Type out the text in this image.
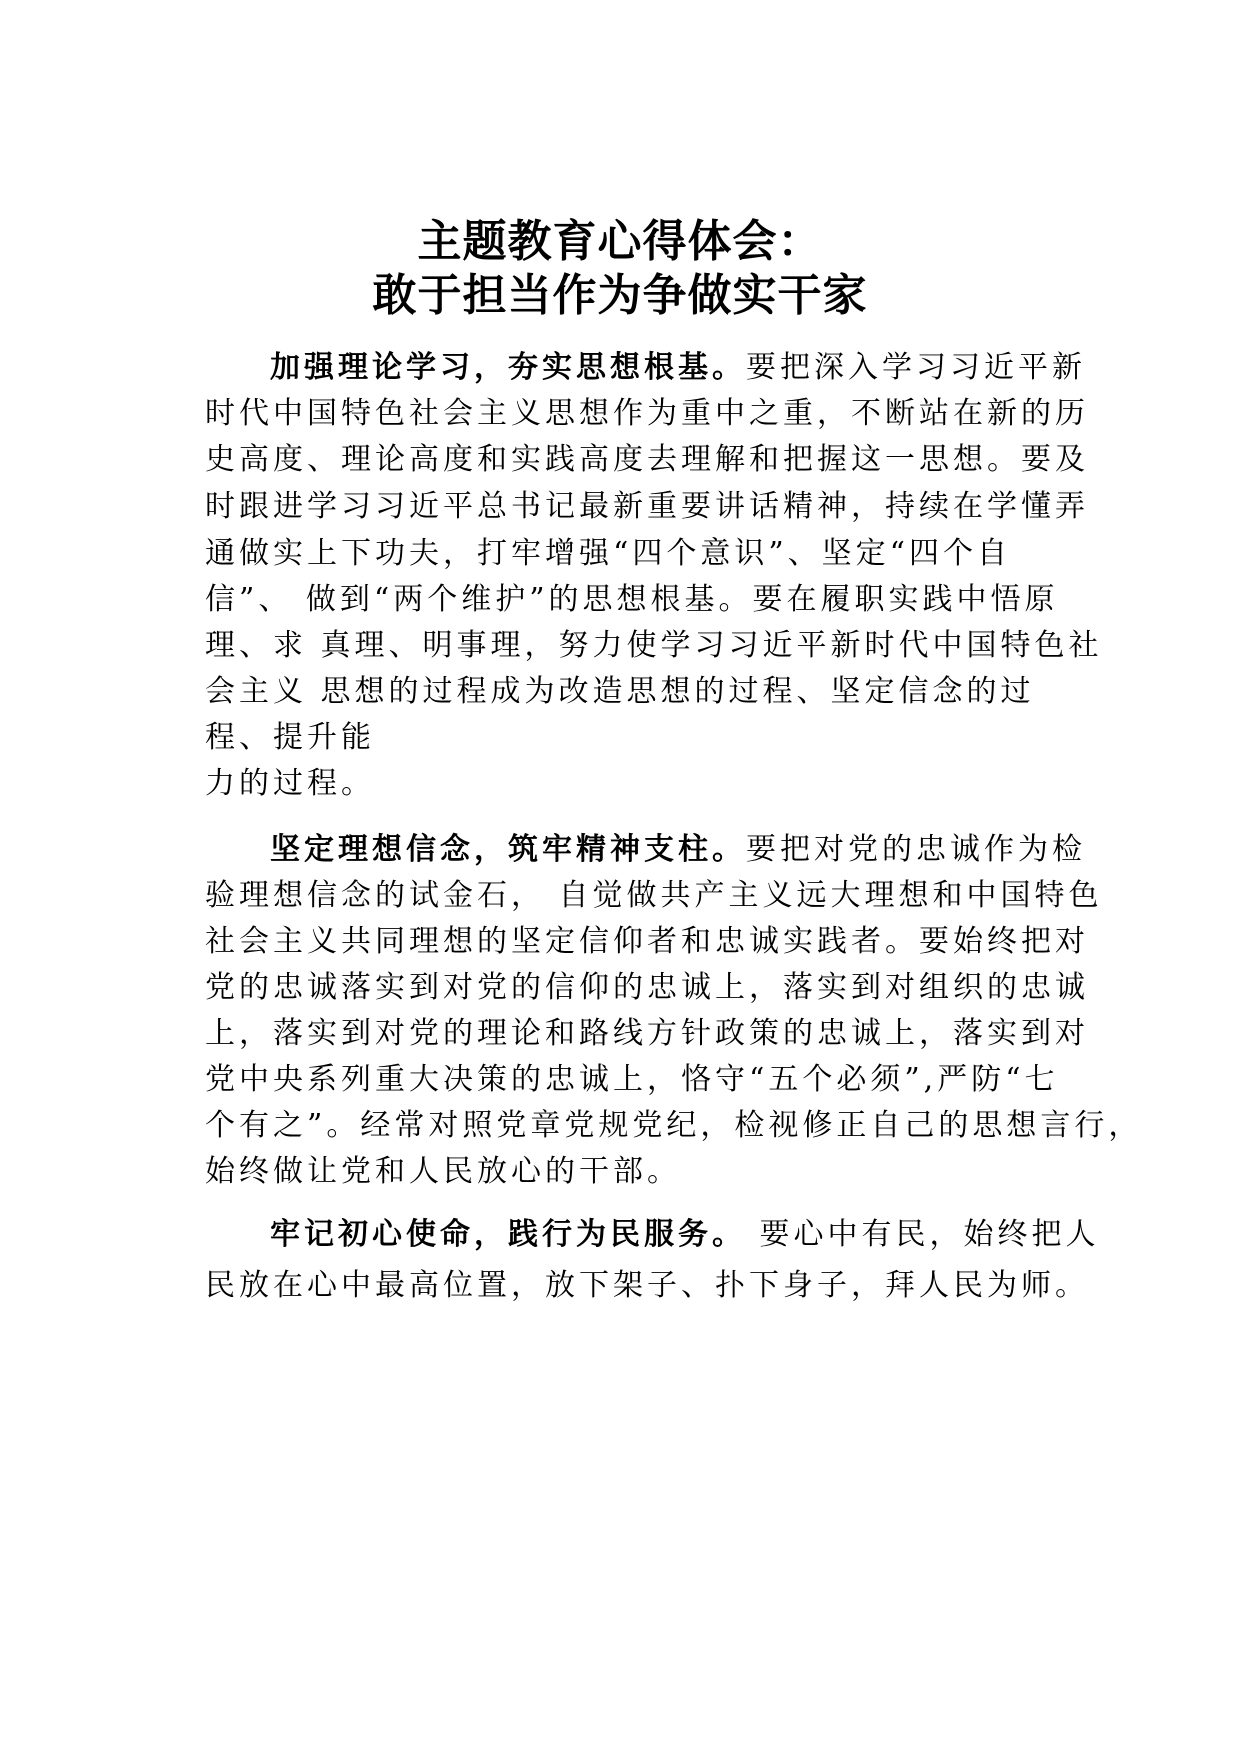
主题教育心得体会：
敢于担当作为争做实干家

加强理论学习，夯实思想根基。要把深入学习习近平新

时代中国特色社会主义思想作为重中之重，不断站在新的历

史高度、理论高度和实践高度去理解和把握这一思想。要及

时跟进学习习近平总书记最新重要讲话精神，持续在学懂弄

通做实上下功夫，打牢增强“四个意识”、坚定“四个自

信”、 做到“两个维护”的思想根基。要在履职实践中悟原

理、求 真理、明事理，努力使学习习近平新时代中国特色社

会主义 思想的过程成为改造思想的过程、坚定信念的过

程、提升能

力的过程。

坚定理想信念，筑牢精神支柱。要把对党的忠诚作为检

验理想信念的试金石， 自觉做共产主义远大理想和中国特色

社会主义共同理想的坚定信仰者和忠诚实践者。要始终把对

党的忠诚落实到对党的信仰的忠诚上，落实到对组织的忠诚

上，落实到对党的理论和路线方针政策的忠诚上，落实到对

党中央系列重大决策的忠诚上，恪守“五个必须”,严防“七

个有之”。经常对照党章党规党纪，检视修正自己的思想言行，

始终做让党和人民放心的干部。

牢记初心使命，践行为民服务。 要心中有民，始终把人

民放在心中最高位置，放下架子、扑下身子，拜人民为师。
